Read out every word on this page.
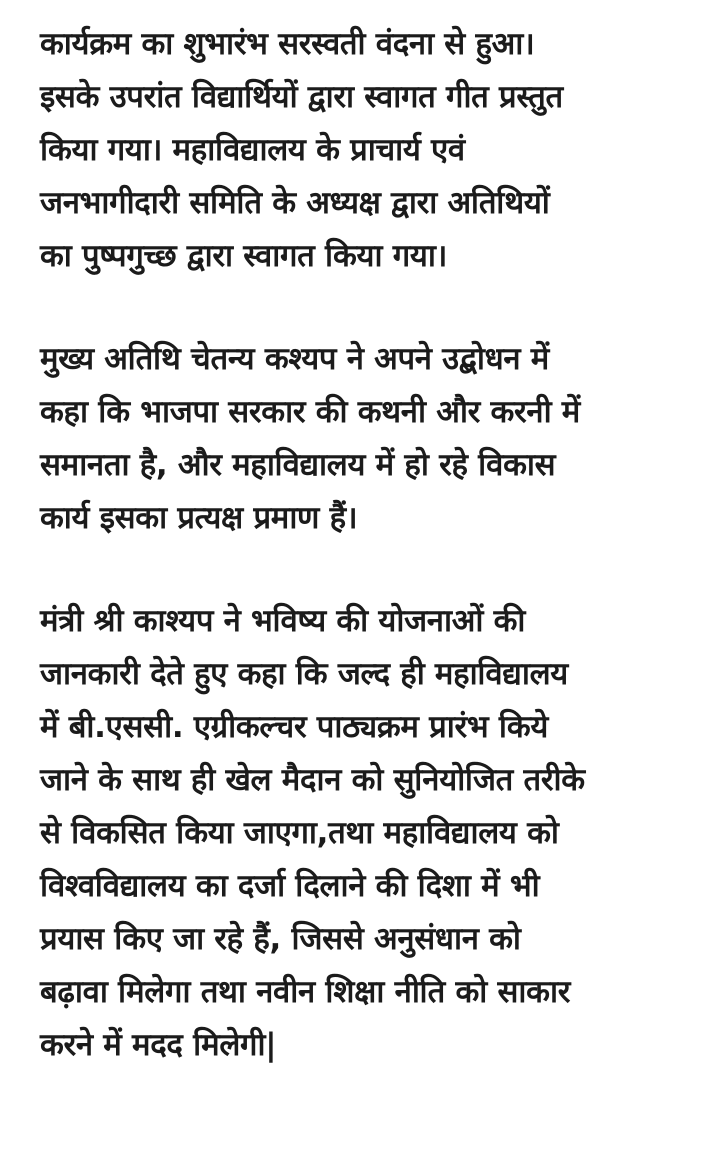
कार्यक्रम का शुभारंभ सरस्वती वंदना से हुआ।
इसके उपरांत विद्यार्थियों द्वारा स्वागत गीत प्रस्तुत
किया गया। महाविद्यालय के प्राचार्य एवं
जनभागीदारी समिति के अध्यक्ष द्वारा अतिथियों
का पुष्पगुच्छ द्वारा स्वागत किया गया।
मुख्य अतिथि चेतन्य कश्यप ने अपने उद्बोधन में
कहा कि भाजपा सरकार की कथनी और करनी में
समानता है, और महाविद्यालय में हो रहे विकास
कार्य इसका प्रत्यक्ष प्रमाण हैं।
मंत्री श्री काश्यप ने भविष्य की योजनाओं की
जानकारी देते हुए कहा कि जल्द ही महाविद्यालय
में बी.एससी. एग्रीकल्चर पाठ्यक्रम प्रारंभ किये
जाने के साथ ही खेल मैदान को सुनियोजित तरीके
से विकसित किया जाएगा,तथा महाविद्यालय को
विश्वविद्यालय का दर्जा दिलाने की दिशा में भी
प्रयास किए जा रहे हैं, जिससे अनुसंधान को
बढ़ावा मिलेगा तथा नवीन शिक्षा नीति को साकार
करने में मदद मिलेगी|
